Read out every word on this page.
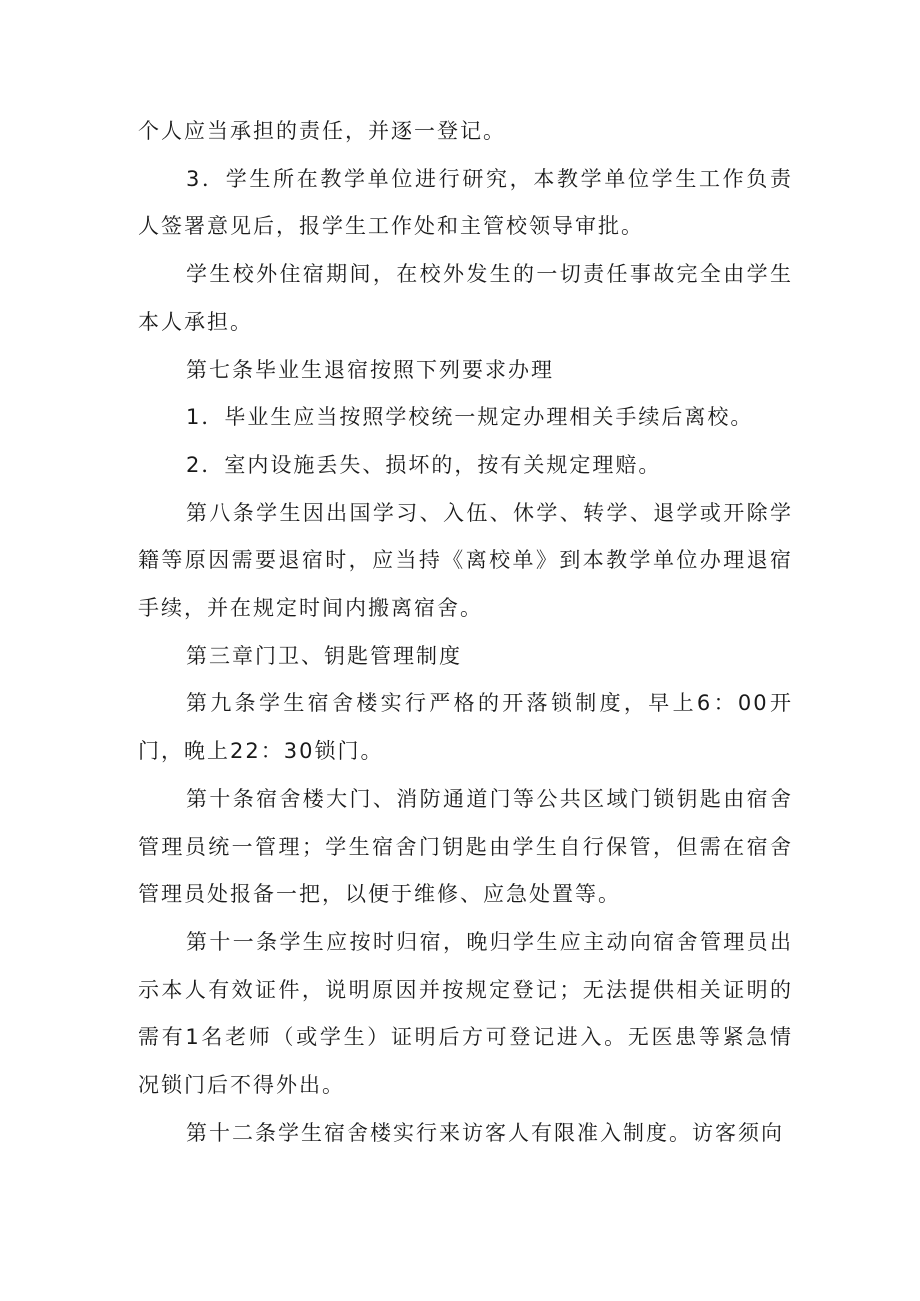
个人应当承担的责任，并逐一登记。

3．学生所在教学单位进行研究，本教学单位学生工作负责人签署意见后，报学生工作处和主管校领导审批。

学生校外住宿期间，在校外发生的一切责任事故完全由学生本人承担。

第七条毕业生退宿按照下列要求办理

1．毕业生应当按照学校统一规定办理相关手续后离校。

2．室内设施丢失、损坏的，按有关规定理赔。

第八条学生因出国学习、入伍、休学、转学、退学或开除学籍等原因需要退宿时，应当持《离校单》到本教学单位办理退宿手续，并在规定时间内搬离宿舍。

第三章门卫、钥匙管理制度

第九条学生宿舍楼实行严格的开落锁制度，早上6：00开门，晚上22：30锁门。

第十条宿舍楼大门、消防通道门等公共区域门锁钥匙由宿舍管理员统一管理；学生宿舍门钥匙由学生自行保管，但需在宿舍管理员处报备一把，以便于维修、应急处置等。

第十一条学生应按时归宿，晚归学生应主动向宿舍管理员出示本人有效证件，说明原因并按规定登记；无法提供相关证明的需有1名老师（或学生）证明后方可登记进入。无医患等紧急情况锁门后不得外出。

第十二条学生宿舍楼实行来访客人有限准入制度。访客须向
